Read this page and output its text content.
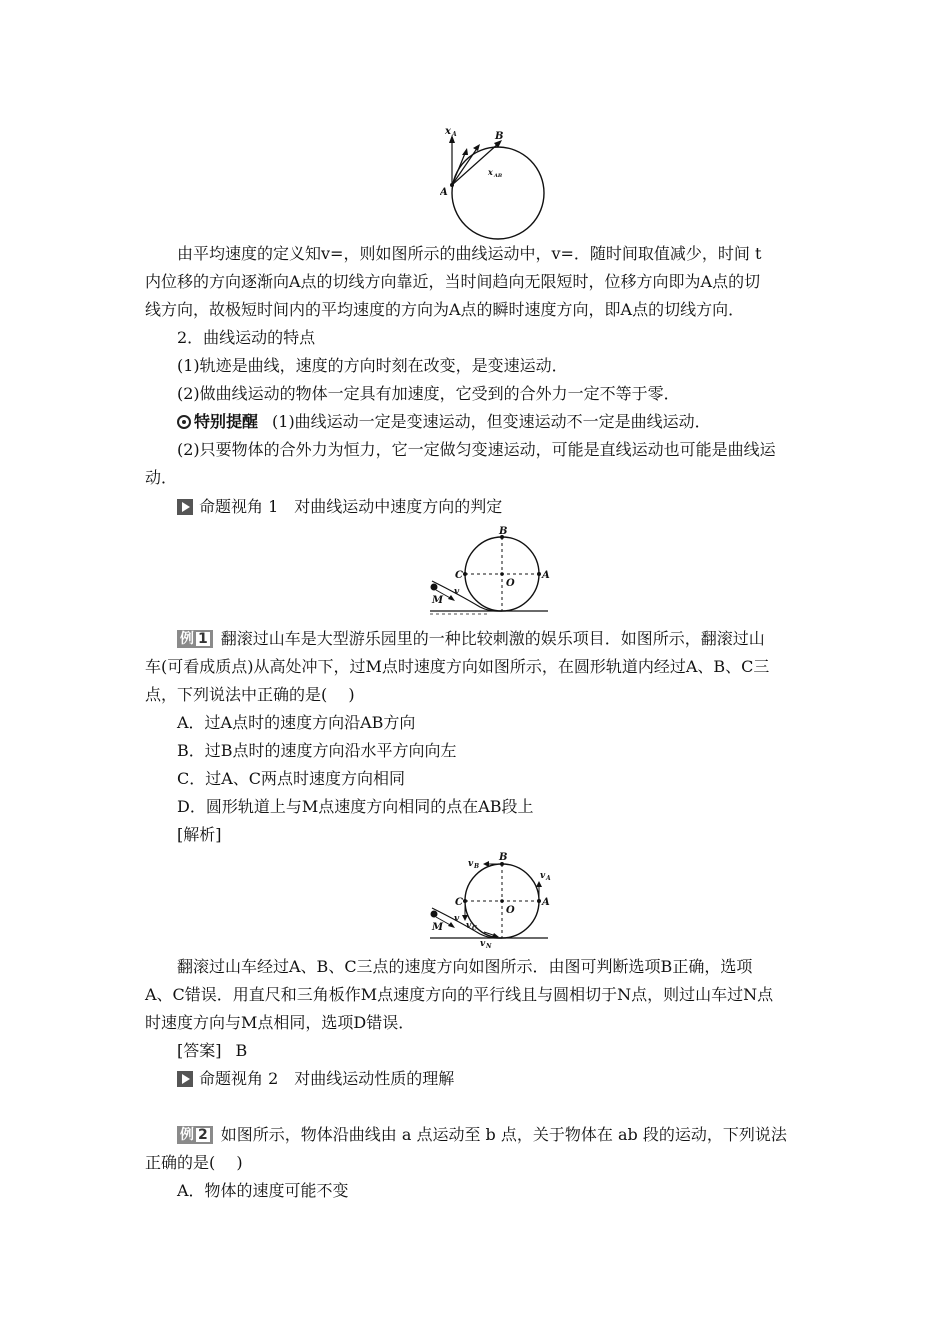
x A	B
A
x AB
由平均速度的定义知v=，则如图所示的曲线运动中，v=．随时间取值减少，时间 t
内位移的方向逐渐向A点的切线方向靠近，当时间趋向无限短时，位移方向即为A点的切
线方向，故极短时间内的平均速度的方向为A点的瞬时速度方向，即A点的切线方向．
2．曲线运动的特点
(1)轨迹是曲线，速度的方向时刻在改变，是变速运动．
(2)做曲线运动的物体一定具有加速度，它受到的合外力一定不等于零．
特别提醒 (1)曲线运动一定是变速运动，但变速运动不一定是曲线运动．
(2)只要物体的合外力为恒力，它一定做匀变速运动，可能是直线运动也可能是曲线运
动．
命题视角 1　对曲线运动中速度方向的判定
B
C
O
A
M
v
例 1 翻滚过山车是大型游乐园里的一种比较刺激的娱乐项目．如图所示，翻滚过山
车(可看成质点)从高处冲下，过M点时速度方向如图所示，在圆形轨道内经过A、B、C三
点，下列说法中正确的是(　 )
A．过A点时的速度方向沿AB方向
B．过B点时的速度方向沿水平方向向左
C．过A、C两点时速度方向相同
D．圆形轨道上与M点速度方向相同的点在AB段上
[解析]
B
v B
v A
C
O
A
M
v
v C
v N
翻滚过山车经过A、B、C三点的速度方向如图所示．由图可判断选项B正确，选项
A、C错误．用直尺和三角板作M点速度方向的平行线且与圆相切于N点，则过山车过N点
时速度方向与M点相同，选项D错误．
[答案] B
命题视角 2　对曲线运动性质的理解
例 2 如图所示，物体沿曲线由 a 点运动至 b 点，关于物体在 ab 段的运动，下列说法
正确的是(　 )
A．物体的速度可能不变
